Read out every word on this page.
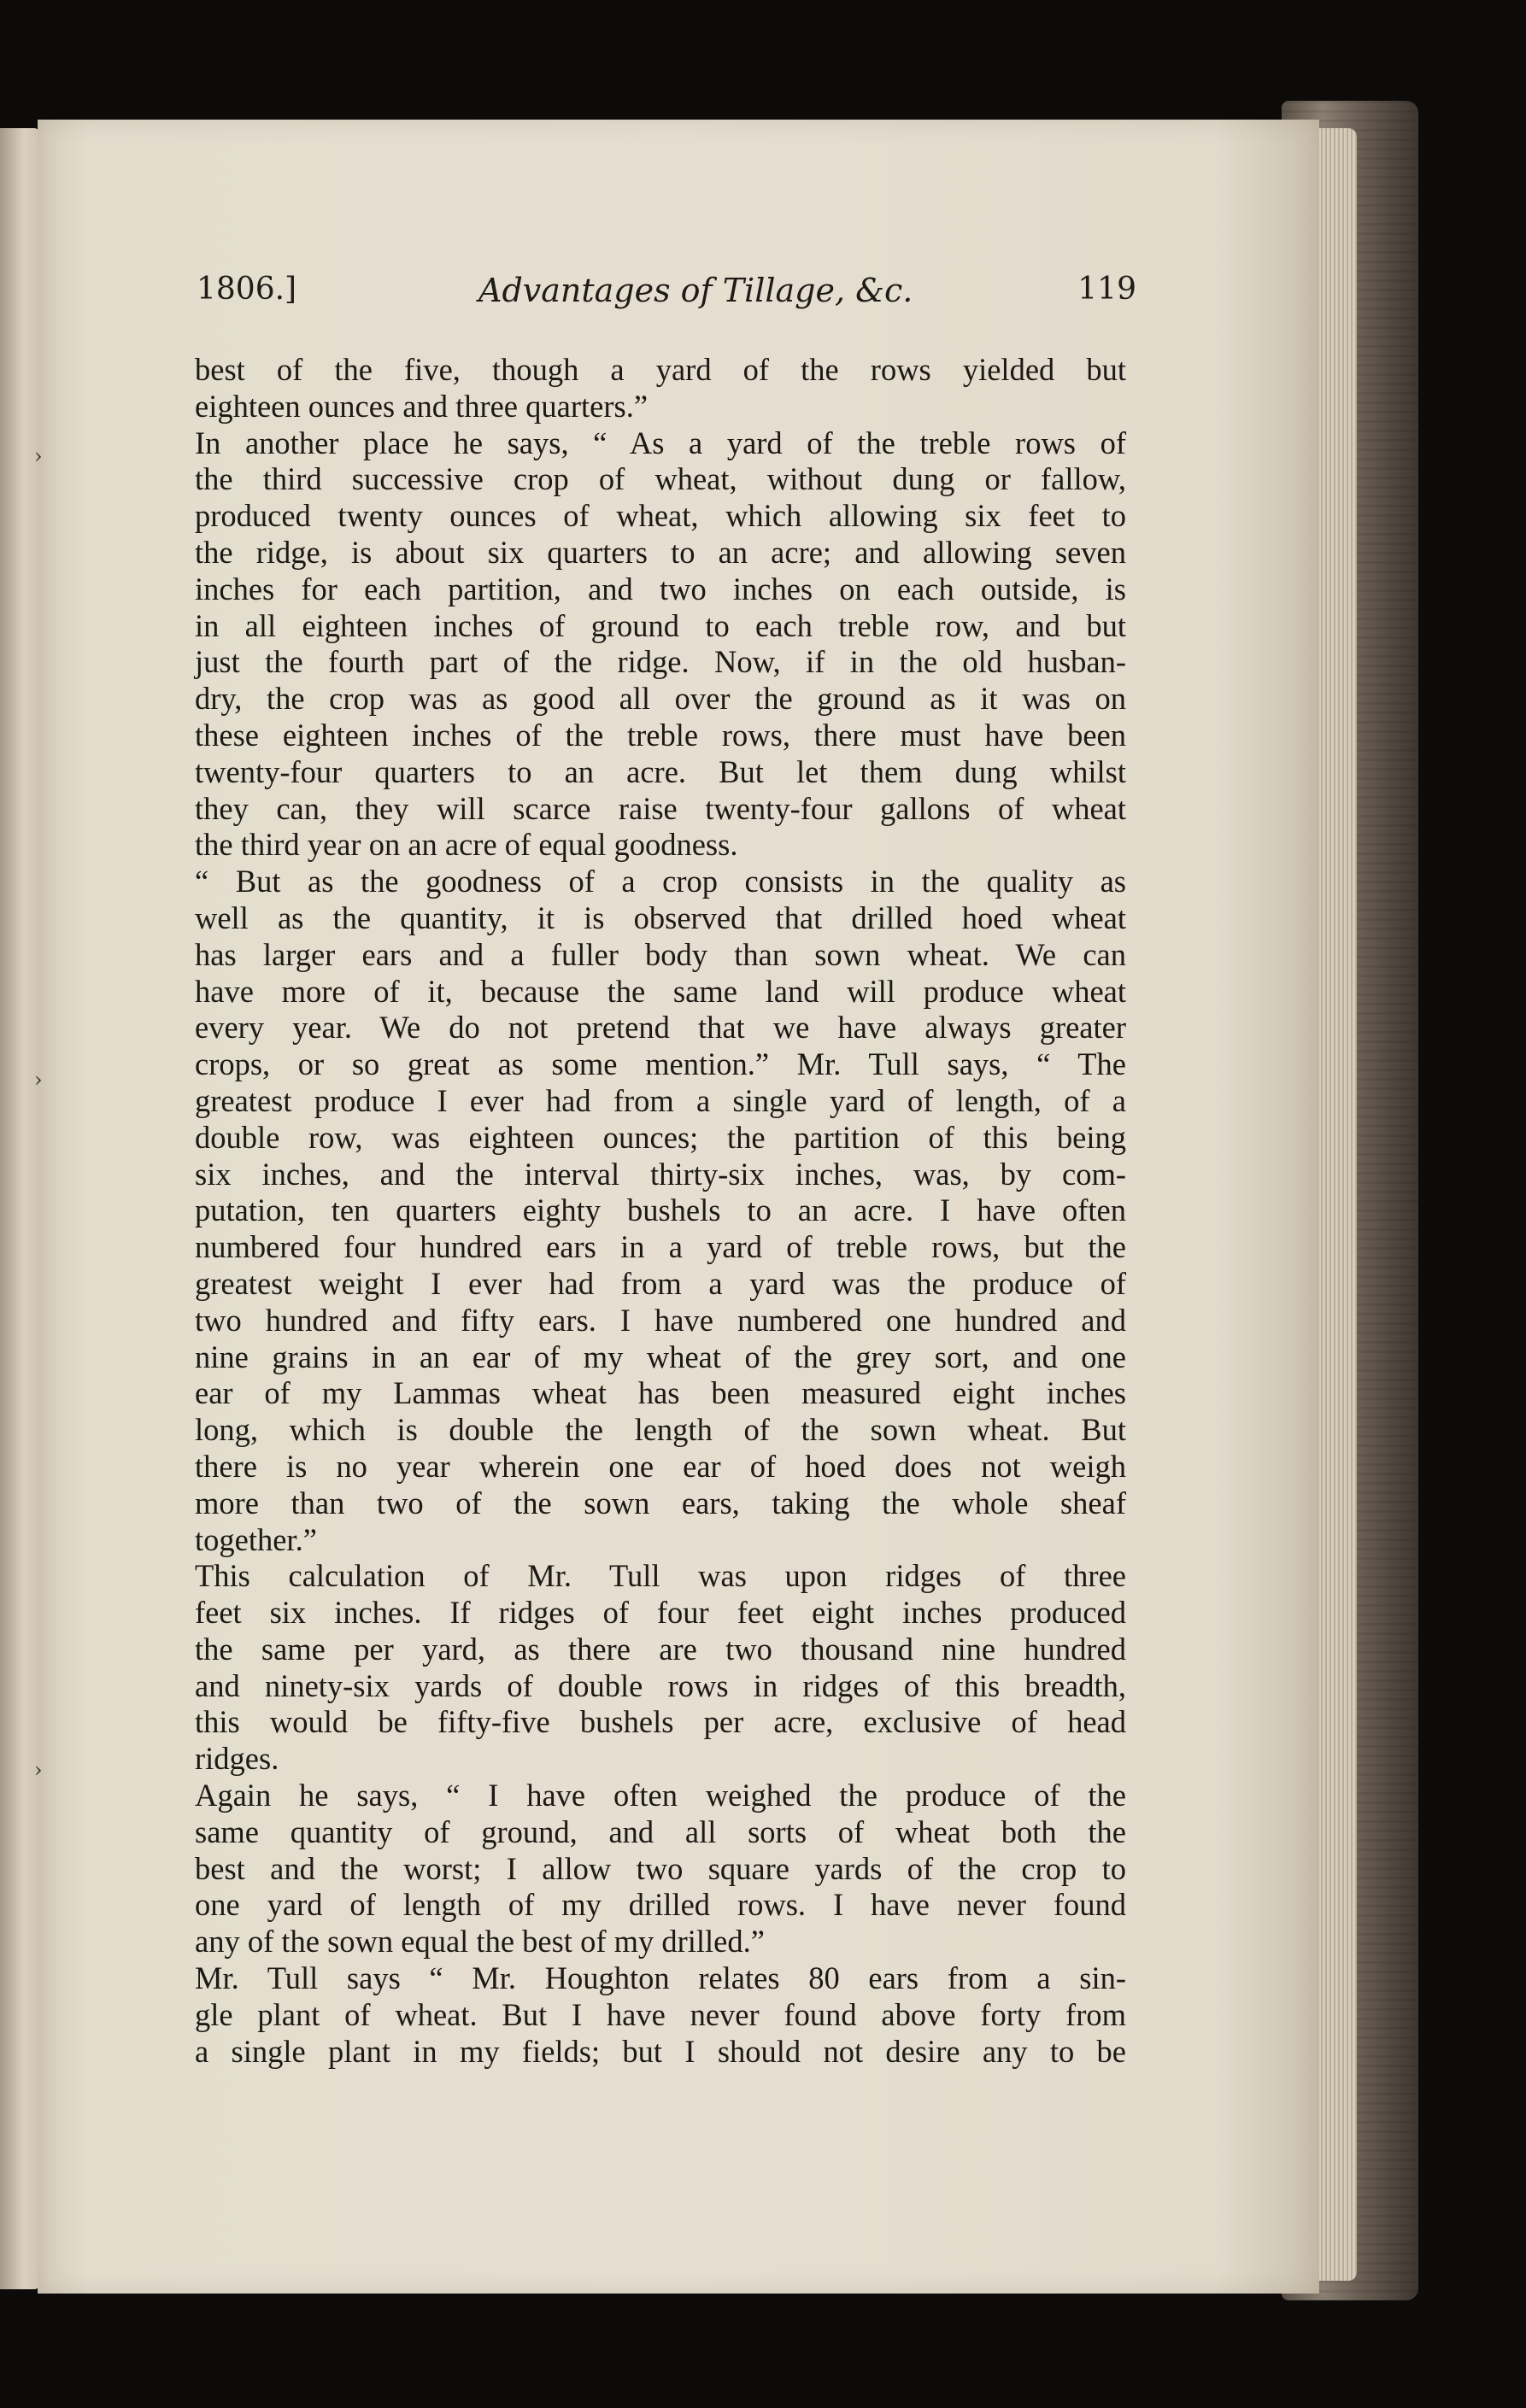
›
›
›
1806.]	Advantages of Tillage, &c.	119
best of the five, though a yard of the rows yielded but
eighteen ounces and three quarters.”
In another place he says, “ As a yard of the treble rows of
the third successive crop of wheat, without dung or fallow,
produced twenty ounces of wheat, which allowing six feet to
the ridge, is about six quarters to an acre; and allowing seven
inches for each partition, and two inches on each outside, is
in all eighteen inches of ground to each treble row, and but
just the fourth part of the ridge. Now, if in the old husban-
dry, the crop was as good all over the ground as it was on
these eighteen inches of the treble rows, there must have been
twenty-four quarters to an acre. But let them dung whilst
they can, they will scarce raise twenty-four gallons of wheat
the third year on an acre of equal goodness.
“ But as the goodness of a crop consists in the quality as
well as the quantity, it is observed that drilled hoed wheat
has larger ears and a fuller body than sown wheat. We can
have more of it, because the same land will produce wheat
every year. We do not pretend that we have always greater
crops, or so great as some mention.” Mr. Tull says, “ The
greatest produce I ever had from a single yard of length, of a
double row, was eighteen ounces; the partition of this being
six inches, and the interval thirty-six inches, was, by com-
putation, ten quarters eighty bushels to an acre. I have often
numbered four hundred ears in a yard of treble rows, but the
greatest weight I ever had from a yard was the produce of
two hundred and fifty ears. I have numbered one hundred and
nine grains in an ear of my wheat of the grey sort, and one
ear of my Lammas wheat has been measured eight inches
long, which is double the length of the sown wheat. But
there is no year wherein one ear of hoed does not weigh
more than two of the sown ears, taking the whole sheaf
together.”
This calculation of Mr. Tull was upon ridges of three
feet six inches. If ridges of four feet eight inches produced
the same per yard, as there are two thousand nine hundred
and ninety-six yards of double rows in ridges of this breadth,
this would be fifty-five bushels per acre, exclusive of head
ridges.
Again he says, “ I have often weighed the produce of the
same quantity of ground, and all sorts of wheat both the
best and the worst; I allow two square yards of the crop to
one yard of length of my drilled rows. I have never found
any of the sown equal the best of my drilled.”
Mr. Tull says “ Mr. Houghton relates 80 ears from a sin-
gle plant of wheat. But I have never found above forty from
a single plant in my fields; but I should not desire any to be
